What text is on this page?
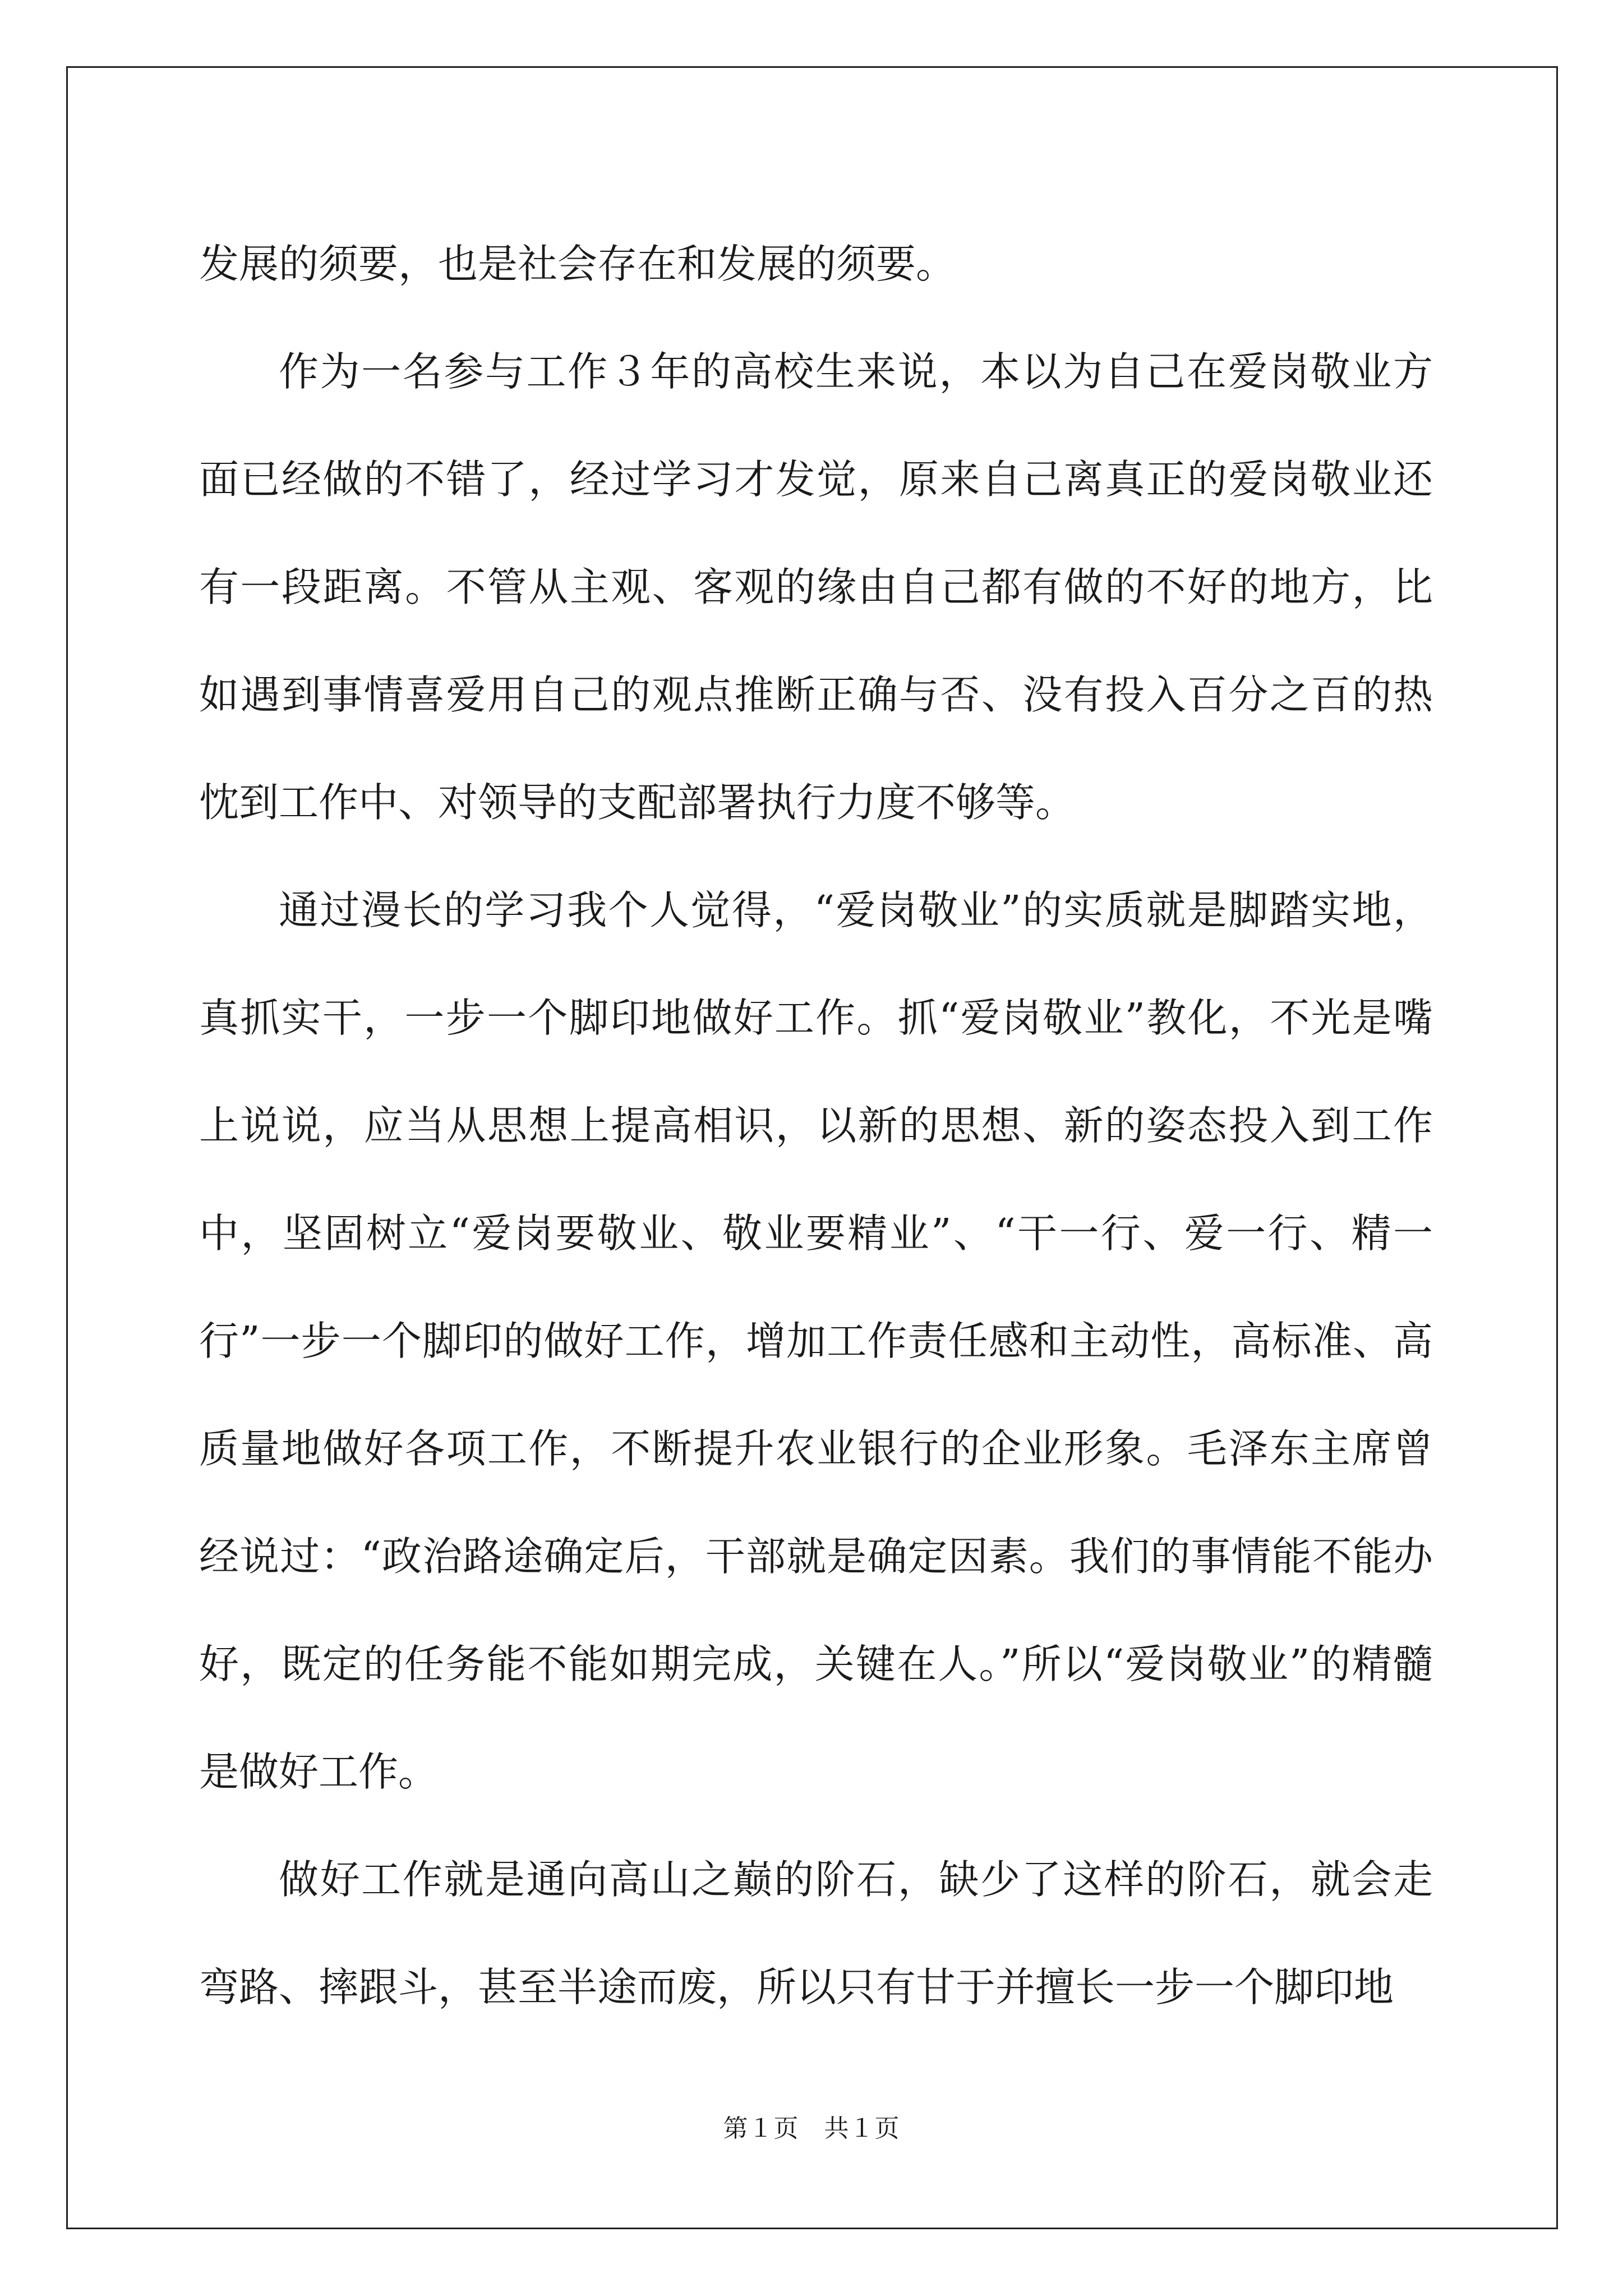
发展的须要，也是社会存在和发展的须要。

作为一名参与工作３年的高校生来说，本以为自己在爱岗敬业方面已经做的不错了，经过学习才发觉，原来自己离真正的爱岗敬业还有一段距离。不管从主观、客观的缘由自己都有做的不好的地方，比如遇到事情喜爱用自己的观点推断正确与否、没有投入百分之百的热忱到工作中、对领导的支配部署执行力度不够等。

通过漫长的学习我个人觉得，“爱岗敬业”的实质就是脚踏实地，真抓实干，一步一个脚印地做好工作。抓“爱岗敬业”教化，不光是嘴上说说，应当从思想上提高相识，以新的思想、新的姿态投入到工作中，坚固树立“爱岗要敬业、敬业要精业”、“干一行、爱一行、精一行”一步一个脚印的做好工作，增加工作责任感和主动性，高标准、高质量地做好各项工作，不断提升农业银行的企业形象。毛泽东主席曾经说过：“政治路途确定后，干部就是确定因素。我们的事情能不能办好，既定的任务能不能如期完成，关键在人。”所以“爱岗敬业”的精髓是做好工作。

做好工作就是通向高山之巅的阶石，缺少了这样的阶石，就会走弯路、摔跟斗，甚至半途而废，所以只有甘于并擅长一步一个脚印地

第１页　共１页
